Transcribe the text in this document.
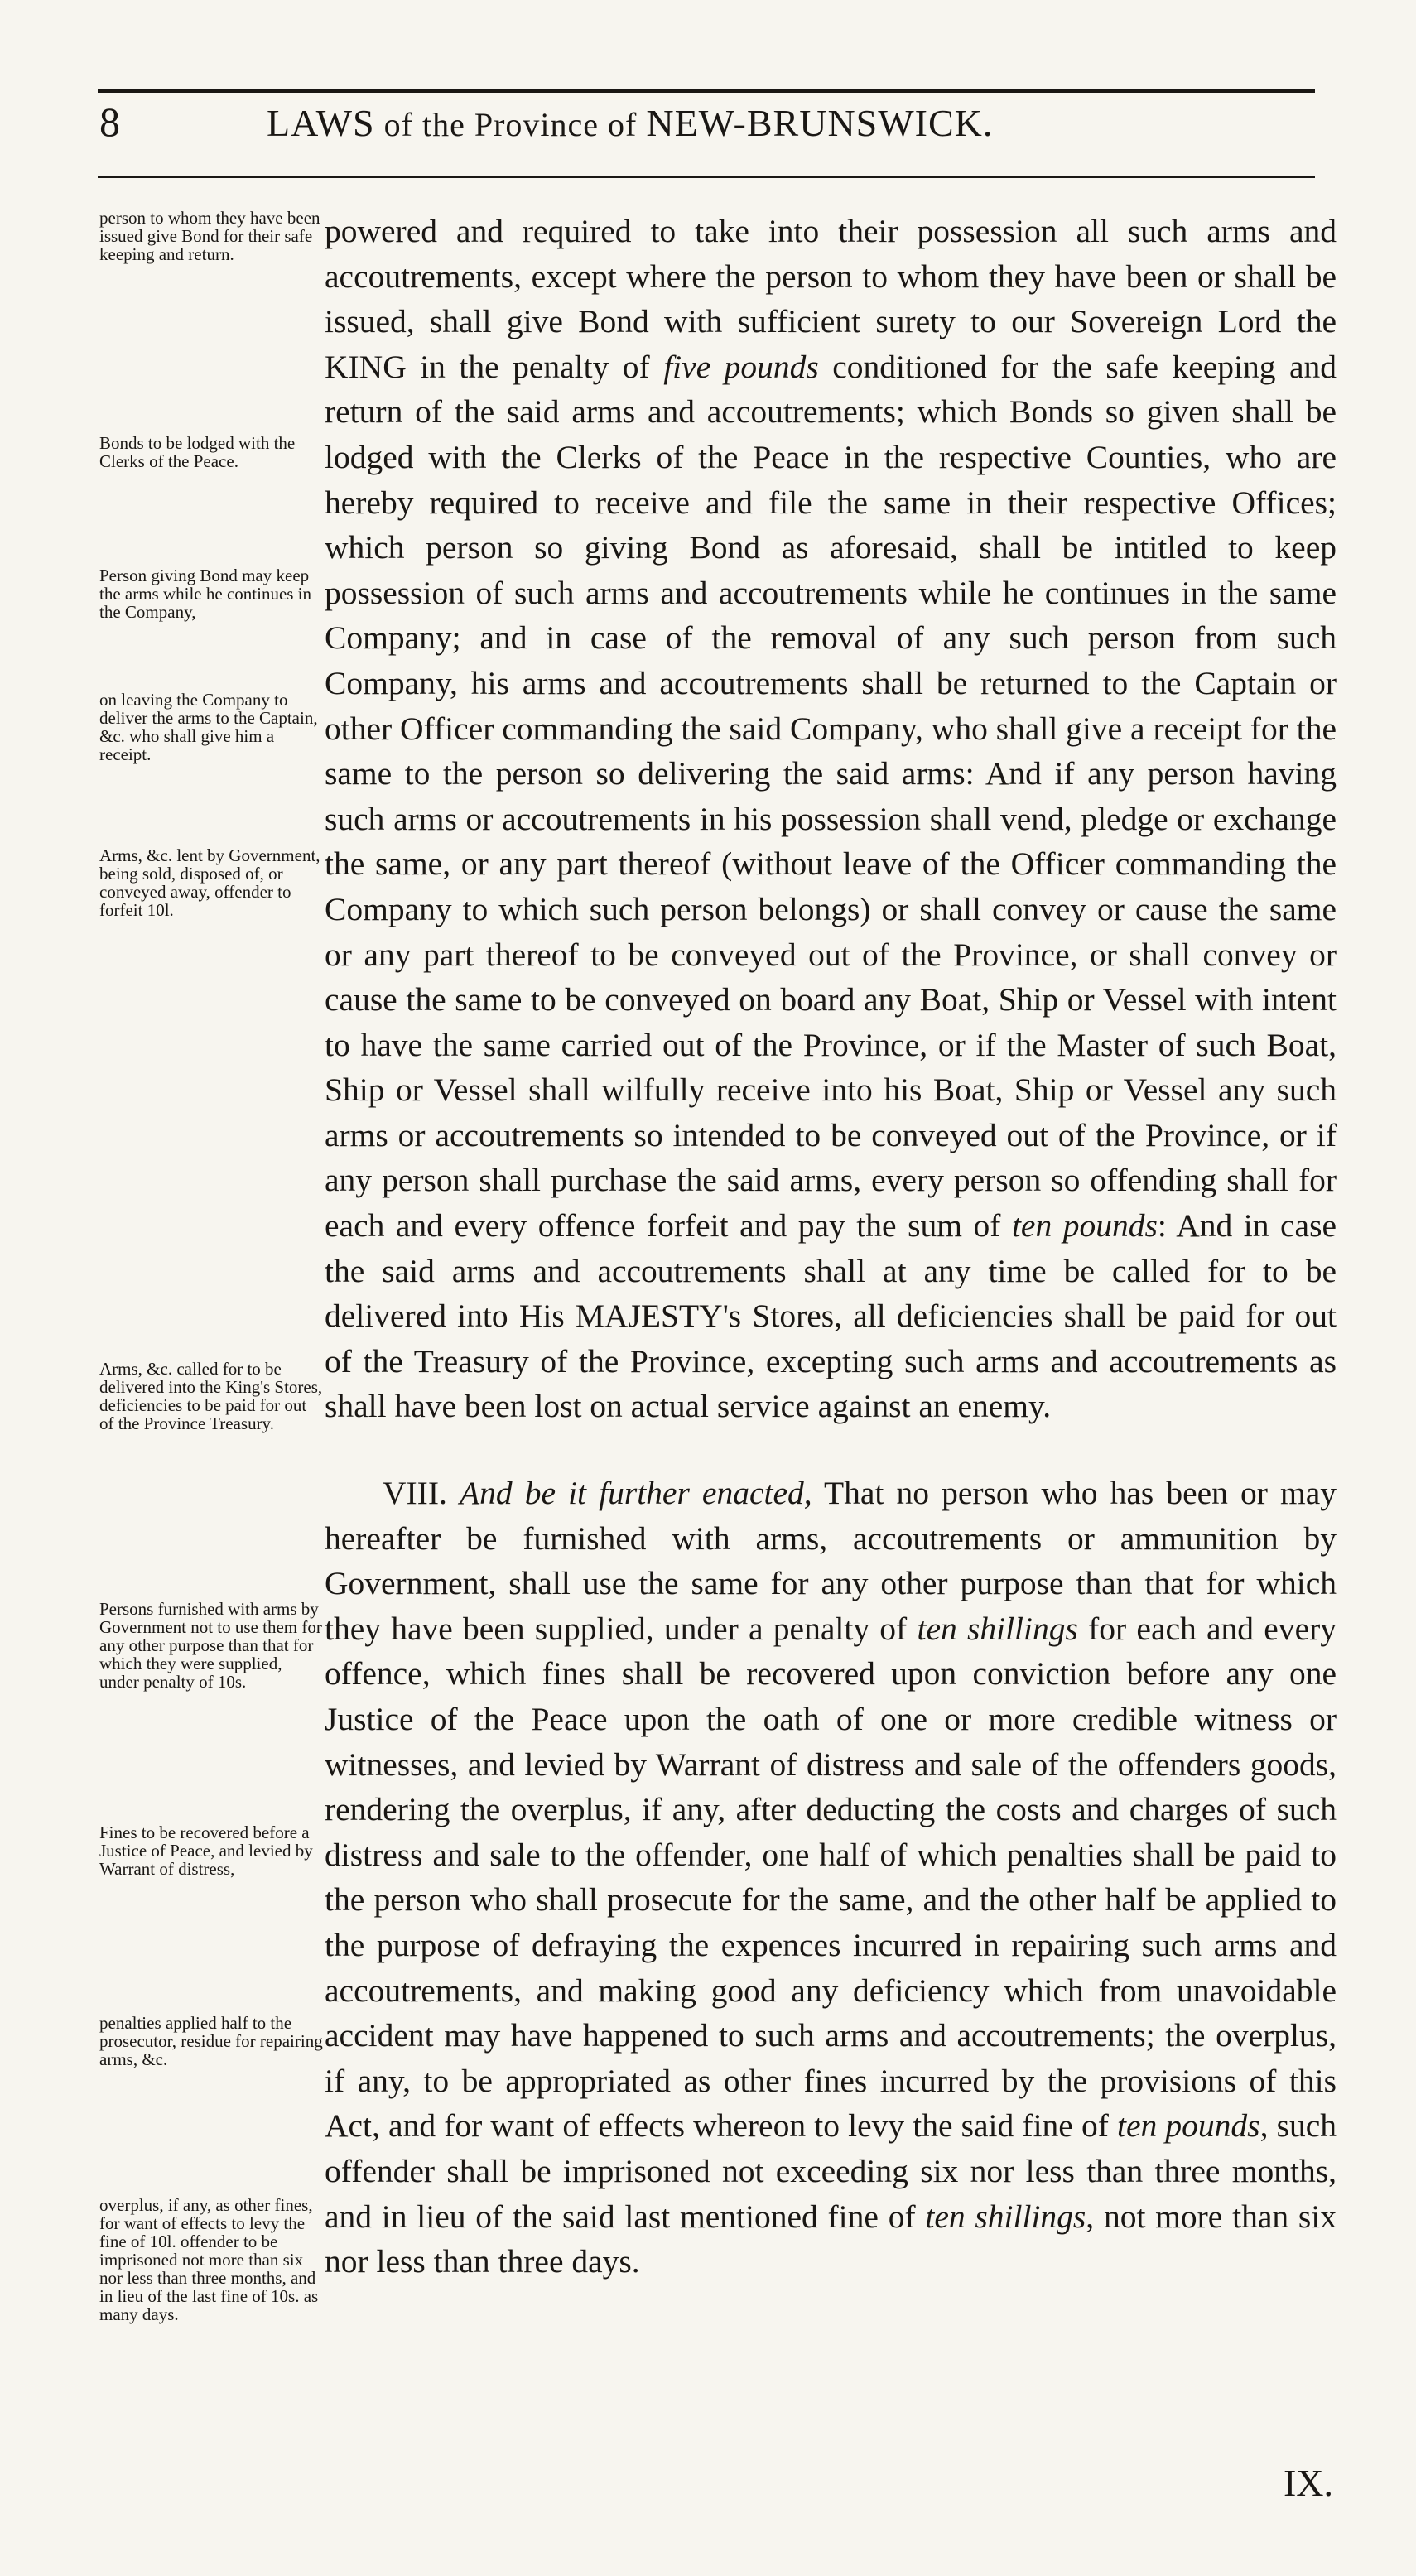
8	LAWS of the Province of NEW-BRUNSWICK.
person to whom they have been issued give Bond for their safe keeping and return.
Bonds to be lodged with the Clerks of the Peace.
Person giving Bond may keep the arms while he continues in the Company,
on leaving the Company to deliver the arms to the Captain, &c. who shall give him a receipt.
Arms, &c. lent by Government, being sold, disposed of, or conveyed away, offender to forfeit 10l.
Arms, &c. called for to be delivered into the King's Stores, deficiencies to be paid for out of the Province Treasury.
Persons furnished with arms by Government not to use them for any other purpose than that for which they were supplied, under penalty of 10s.
Fines to be recovered before a Justice of Peace, and levied by Warrant of distress,
penalties applied half to the prosecutor, residue for repairing arms, &c.
overplus, if any, as other fines, for want of effects to levy the fine of 10l. offender to be imprisoned not more than six nor less than three months, and in lieu of the last fine of 10s. as many days.

powered and required to take into their possession all such arms and accoutrements, except where the person to whom they have been or shall be issued, shall give Bond with sufficient surety to our Sovereign Lord the KING in the penalty of five pounds conditioned for the safe keeping and return of the said arms and accoutrements; which Bonds so given shall be lodged with the Clerks of the Peace in the respective Counties, who are hereby required to receive and file the same in their respective Offices; which person so giving Bond as aforesaid, shall be intitled to keep possession of such arms and accoutrements while he continues in the same Company; and in case of the removal of any such person from such Company, his arms and accoutrements shall be returned to the Captain or other Officer commanding the said Company, who shall give a receipt for the same to the person so delivering the said arms: And if any person having such arms or accoutrements in his possession shall vend, pledge or exchange the same, or any part thereof (without leave of the Officer commanding the Company to which such person belongs) or shall convey or cause the same or any part thereof to be conveyed out of the Province, or shall convey or cause the same to be conveyed on board any Boat, Ship or Vessel with intent to have the same carried out of the Province, or if the Master of such Boat, Ship or Vessel shall wilfully receive into his Boat, Ship or Vessel any such arms or accoutrements so intended to be conveyed out of the Province, or if any person shall purchase the said arms, every person so offending shall for each and every offence forfeit and pay the sum of ten pounds: And in case the said arms and accoutrements shall at any time be called for to be delivered into His MAJESTY's Stores, all deficiencies shall be paid for out of the Treasury of the Province, excepting such arms and accoutrements as shall have been lost on actual service against an enemy.

VIII. And be it further enacted, That no person who has been or may hereafter be furnished with arms, accoutrements or ammunition by Government, shall use the same for any other purpose than that for which they have been supplied, under a penalty of ten shillings for each and every offence, which fines shall be recovered upon conviction before any one Justice of the Peace upon the oath of one or more credible witness or witnesses, and levied by Warrant of distress and sale of the offenders goods, rendering the overplus, if any, after deducting the costs and charges of such distress and sale to the offender, one half of which penalties shall be paid to the person who shall prosecute for the same, and the other half be applied to the purpose of defraying the expences incurred in repairing such arms and accoutrements, and making good any deficiency which from unavoidable accident may have happened to such arms and accoutrements; the overplus, if any, to be appropriated as other fines incurred by the provisions of this Act, and for want of effects whereon to levy the said fine of ten pounds, such offender shall be imprisoned not exceeding six nor less than three months, and in lieu of the said last mentioned fine of ten shillings, not more than six nor less than three days.

IX.
